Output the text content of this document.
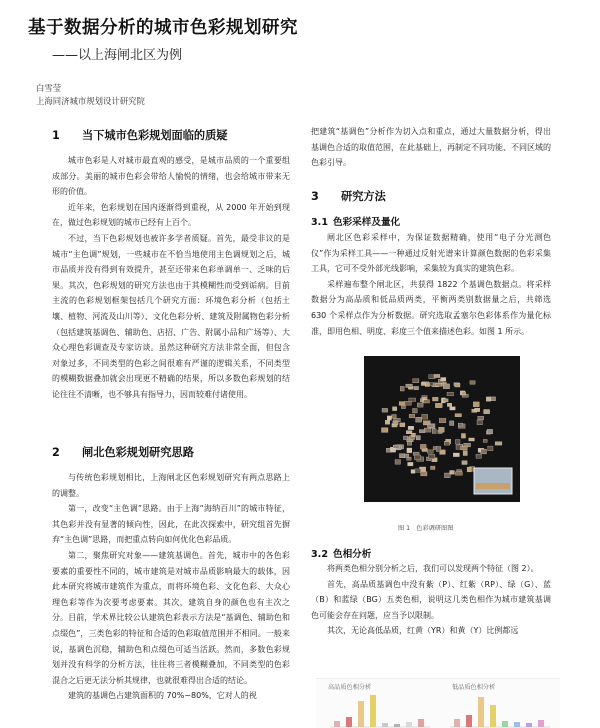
基于数据分析的城市色彩规划研究
——以上海闸北区为例
白雪莹
上海同济城市规划设计研究院
1 当下城市色彩规划面临的质疑

城市色彩是人对城市最直观的感受，是城市品质的一个重要组成部分。美丽的城市色彩会带给人愉悦的情绪，也会给城市带来无形的价值。

近年来，色彩规划在国内逐渐得到重视，从 2000 年开始到现在，做过色彩规划的城市已经有上百个。

不过，当下色彩规划也被许多学者质疑。首先，最受非议的是城市“主色调”规划，一些城市在不恰当地使用主色调规划之后，城市品质并没有得到有效提升，甚至还带来色彩单调单一、乏味的后果。其次，色彩规划的研究方法也由于其模糊性而受到诟病。目前主流的色彩规划框架包括几个研究方面：环境色彩分析（包括土壤、植物、河流及山川等）、文化色彩分析、建筑及附属物色彩分析（包括建筑基调色、辅助色、店招、广告、附属小品和广场等）、大众心理色彩调查及专家访谈。虽然这种研究方法非常全面，但包含对象过多，不同类型的色彩之间很难有严谨的逻辑关系，不同类型的模糊数据叠加就会出现更不精确的结果，所以多数色彩规划的结论往往不清晰，也不够具有指导力，因而较难付诸使用。

2 闸北色彩规划研究思路

与传统色彩规划相比，上海闸北区色彩规划研究有两点思路上的调整。

第一，改变“主色调”思路。由于上海“海纳百川”的城市特征，其色彩并没有显著的倾向性，因此，在此次探索中，研究组首先摒弃“主色调”思路，而把重点转向如何优化色彩品质。

第二，聚焦研究对象——建筑基调色。首先，城市中的各色彩要素的重要性不同的，城市建筑是对城市品质影响最大的载体，因此本研究将城市建筑作为重点，而将环境色彩、文化色彩、大众心理色彩等作为次要考虑要素。其次，建筑自身的颜色也有主次之分。目前，学术界比较公认建筑色彩表示方法是“基调色、辅助色和点缀色”，三类色彩的特征和合适的色彩取值范围并不相同。一般来说，基调色沉稳，辅助色和点缀色可适当活跃。然而，多数色彩规划并没有科学的分析方法，往往将三者模糊叠加，不同类型的色彩混合之后更无法分析其规律，也就很难得出合适的结论。

建筑的基调色占建筑面积的 70%~80%，它对人的视

把建筑“基调色”分析作为切入点和重点，通过大量数据分析，得出基调色合适的取值范围，在此基础上，再制定不同功能、不同区域的色彩引导。

3 研究方法
3.1 色彩采样及量化

闸北区色彩采样中，为保证数据精确，使用“电子分光测色仪”作为采样工具——一种通过反射光谱来计算颜色数据的色彩采集工具，它可不受外部光线影响，采集较为真实的建筑色彩。

采样遍布整个闸北区，共获得 1822 个基调色数据点。将采样数据分为高品质和低品质两类，平衡两类别数据量之后，共筛选 630 个采样点作为分析数据。研究选取孟塞尔色彩体系作为量化标准，即用色相、明度、彩度三个值来描述色彩。如图 1 所示。

图 1　色彩调研图图
3.2 色相分析

将两类色相分别分析之后，我们可以发现两个特征（图 2）。

首先，高品质基调色中没有紫（P）、红紫（RP）、绿（G）、蓝（B）和蓝绿（BG）五类色相，说明这几类色相作为城市建筑基调色可能会存在问题，应当予以限制。

其次，无论高低品质，红黄（YR）和黄（Y）比例都远

高品质色相分析	低品质色相分析
